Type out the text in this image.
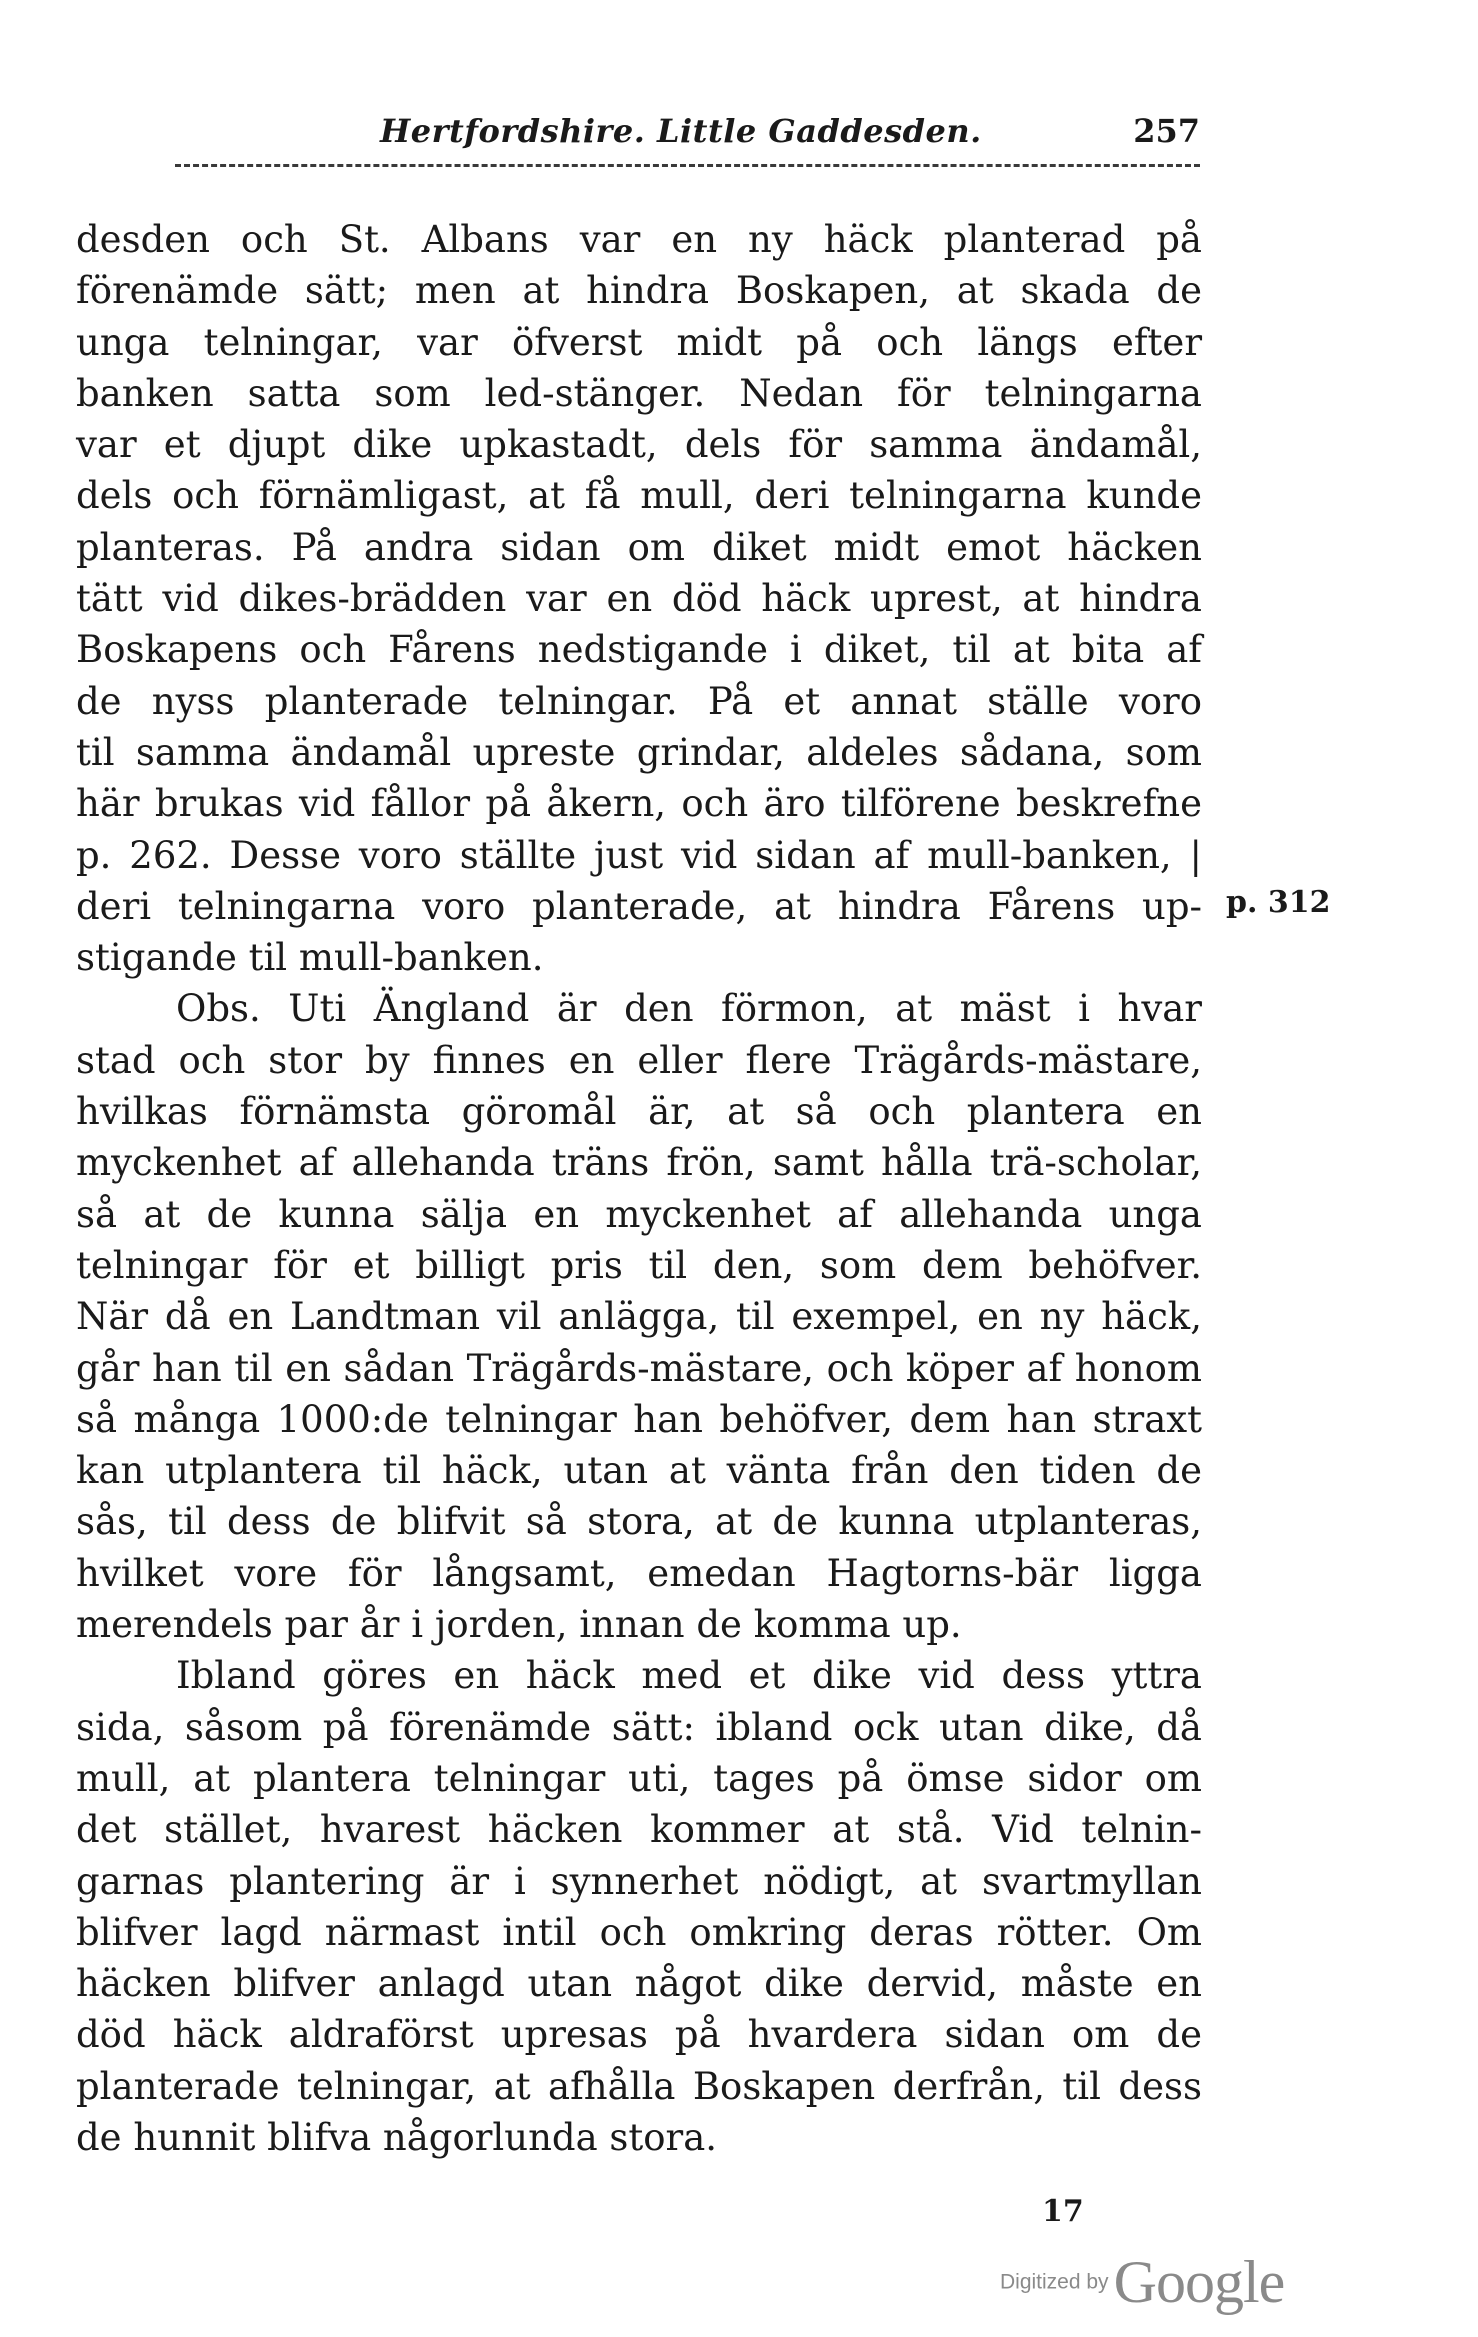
Hertfordshire. Little Gaddesden.	257
desden och St. Albans var en ny häck planterad på
förenämde sätt; men at hindra Boskapen, at skada de
unga telningar, var öfverst midt på och längs efter
banken satta som led-stänger. Nedan för telningarna
var et djupt dike upkastadt, dels för samma ändamål,
dels och förnämligast, at få mull, deri telningarna kunde
planteras. På andra sidan om diket midt emot häcken
tätt vid dikes-brädden var en död häck uprest, at hindra
Boskapens och Fårens nedstigande i diket, til at bita af
de nyss planterade telningar. På et annat ställe voro
til samma ändamål upreste grindar, aldeles sådana, som
här brukas vid fållor på åkern, och äro tilförene beskrefne
p. 262. Desse voro ställte just vid sidan af mull-banken, |
deri telningarna voro planterade, at hindra Fårens up-
stigande til mull-banken.
Obs. Uti Ängland är den förmon, at mäst i hvar
stad och stor by finnes en eller flere Trägårds-mästare,
hvilkas förnämsta göromål är, at så och plantera en
myckenhet af allehanda träns frön, samt hålla trä-scholar,
så at de kunna sälja en myckenhet af allehanda unga
telningar för et billigt pris til den, som dem behöfver.
När då en Landtman vil anlägga, til exempel, en ny häck,
går han til en sådan Trägårds-mästare, och köper af honom
så många 1000:de telningar han behöfver, dem han straxt
kan utplantera til häck, utan at vänta från den tiden de
sås, til dess de blifvit så stora, at de kunna utplanteras,
hvilket vore för långsamt, emedan Hagtorns-bär ligga
merendels par år i jorden, innan de komma up.
Ibland göres en häck med et dike vid dess yttra
sida, såsom på förenämde sätt: ibland ock utan dike, då
mull, at plantera telningar uti, tages på ömse sidor om
det stället, hvarest häcken kommer at stå. Vid telnin-
garnas plantering är i synnerhet nödigt, at svartmyllan
blifver lagd närmast intil och omkring deras rötter. Om
häcken blifver anlagd utan något dike dervid, måste en
död häck aldraförst upresas på hvardera sidan om de
planterade telningar, at afhålla Boskapen derfrån, til dess
de hunnit blifva någorlunda stora.
p. 312
17
Digitized by Google
